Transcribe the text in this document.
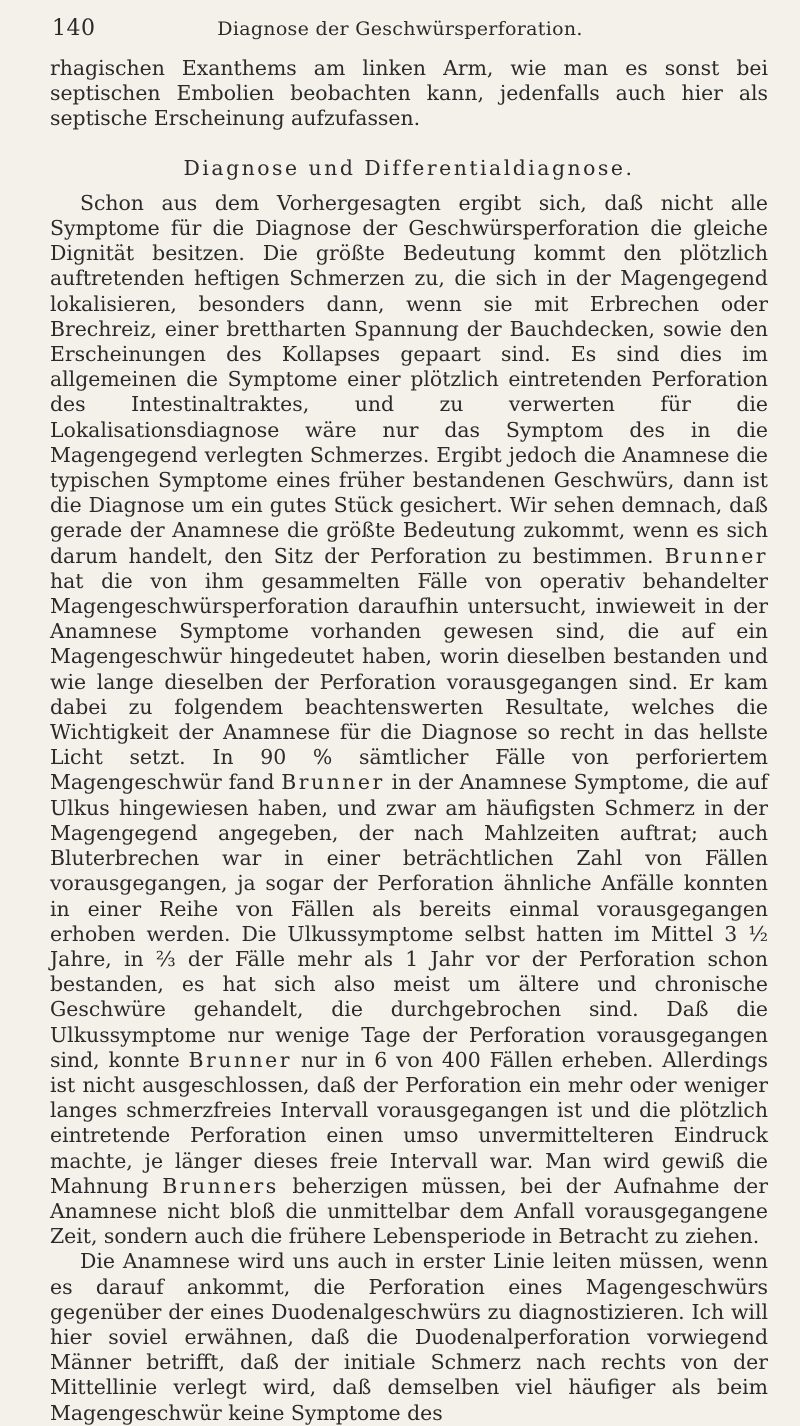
140	Diagnose der Geschwürsperforation.

rhagischen Exanthems am linken Arm, wie man es sonst bei septischen Embolien beobachten kann, jedenfalls auch hier als septische Erscheinung aufzufassen.

Diagnose und Differentialdiagnose.

Schon aus dem Vorhergesagten ergibt sich, daß nicht alle Symptome für die Diagnose der Geschwürsperforation die gleiche Dignität besitzen. Die größte Bedeutung kommt den plötzlich auftretenden heftigen Schmerzen zu, die sich in der Magengegend lokalisieren, besonders dann, wenn sie mit Erbrechen oder Brechreiz, einer brettharten Spannung der Bauchdecken, sowie den Erscheinungen des Kollapses gepaart sind. Es sind dies im allgemeinen die Symptome einer plötzlich eintretenden Perforation des Intestinaltraktes, und zu verwerten für die Lokalisationsdiagnose wäre nur das Symptom des in die Magengegend verlegten Schmerzes. Ergibt jedoch die Anamnese die typischen Symptome eines früher bestandenen Geschwürs, dann ist die Diagnose um ein gutes Stück gesichert. Wir sehen demnach, daß gerade der Anamnese die größte Bedeutung zukommt, wenn es sich darum handelt, den Sitz der Perforation zu bestimmen. Brunner hat die von ihm gesammelten Fälle von operativ behandelter Magengeschwürsperforation daraufhin untersucht, inwieweit in der Anamnese Symptome vorhanden gewesen sind, die auf ein Magengeschwür hingedeutet haben, worin dieselben bestanden und wie lange dieselben der Perforation vorausgegangen sind. Er kam dabei zu folgendem beachtenswerten Resultate, welches die Wichtigkeit der Anamnese für die Diagnose so recht in das hellste Licht setzt. In 90 % sämtlicher Fälle von perforiertem Magengeschwür fand Brunner in der Anamnese Symptome, die auf Ulkus hingewiesen haben, und zwar am häufigsten Schmerz in der Magengegend angegeben, der nach Mahlzeiten auftrat; auch Bluterbrechen war in einer beträchtlichen Zahl von Fällen vorausgegangen, ja sogar der Perforation ähnliche Anfälle konnten in einer Reihe von Fällen als bereits einmal vorausgegangen erhoben werden. Die Ulkussymptome selbst hatten im Mittel 3 ½ Jahre, in ⅔ der Fälle mehr als 1 Jahr vor der Perforation schon bestanden, es hat sich also meist um ältere und chronische Geschwüre gehandelt, die durchgebrochen sind. Daß die Ulkussymptome nur wenige Tage der Perforation vorausgegangen sind, konnte Brunner nur in 6 von 400 Fällen erheben. Allerdings ist nicht ausgeschlossen, daß der Perforation ein mehr oder weniger langes schmerzfreies Intervall vorausgegangen ist und die plötzlich eintretende Perforation einen umso unvermittelteren Eindruck machte, je länger dieses freie Intervall war. Man wird gewiß die Mahnung Brunners beherzigen müssen, bei der Aufnahme der Anamnese nicht bloß die unmittelbar dem Anfall vorausgegangene Zeit, sondern auch die frühere Lebensperiode in Betracht zu ziehen.

Die Anamnese wird uns auch in erster Linie leiten müssen, wenn es darauf ankommt, die Perforation eines Magengeschwürs gegenüber der eines Duodenalgeschwürs zu diagnostizieren. Ich will hier soviel erwähnen, daß die Duodenalperforation vorwiegend Männer betrifft, daß der initiale Schmerz nach rechts von der Mittellinie verlegt wird, daß demselben viel häufiger als beim Magengeschwür keine Symptome des
